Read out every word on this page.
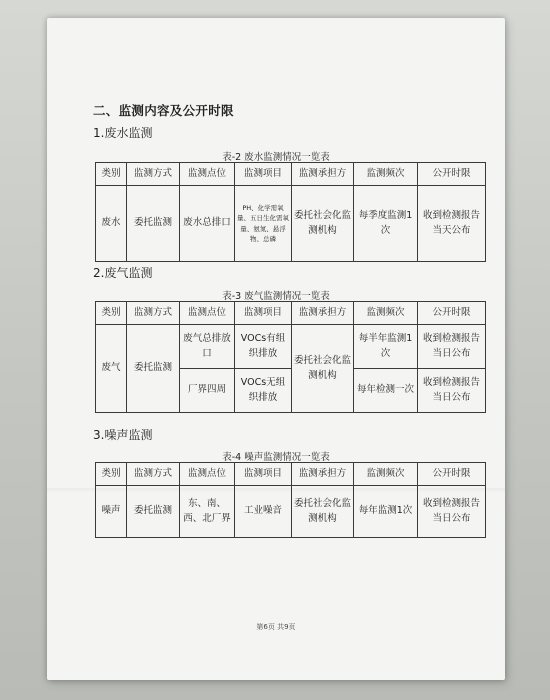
二、监测内容及公开时限
1.废水监测
表-2 废水监测情况一览表
类别	监测方式	监测点位	监测项目	监测承担方	监测频次	公开时限
废水	委托监测	废水总排口	PH、化学需氧量、五日生化需氧量、氨氮、悬浮物、总磷	委托社会化监测机构	每季度监测1次	收到检测报告当天公布
2.废气监测
表-3 废气监测情况一览表
类别	监测方式	监测点位	监测项目	监测承担方	监测频次	公开时限
废气	委托监测	废气总排放口	VOCs有组织排放	委托社会化监测机构	每半年监测1次	收到检测报告当日公布
		厂界四周	VOCs无组织排放		每年检测一次	收到检测报告当日公布
3.噪声监测
表-4 噪声监测情况一览表
类别	监测方式	监测点位	监测项目	监测承担方	监测频次	公开时限
噪声	委托监测	东、南、西、北厂界	工业噪音	委托社会化监测机构	每年监测1次	收到检测报告当日公布
第6页 共9页
